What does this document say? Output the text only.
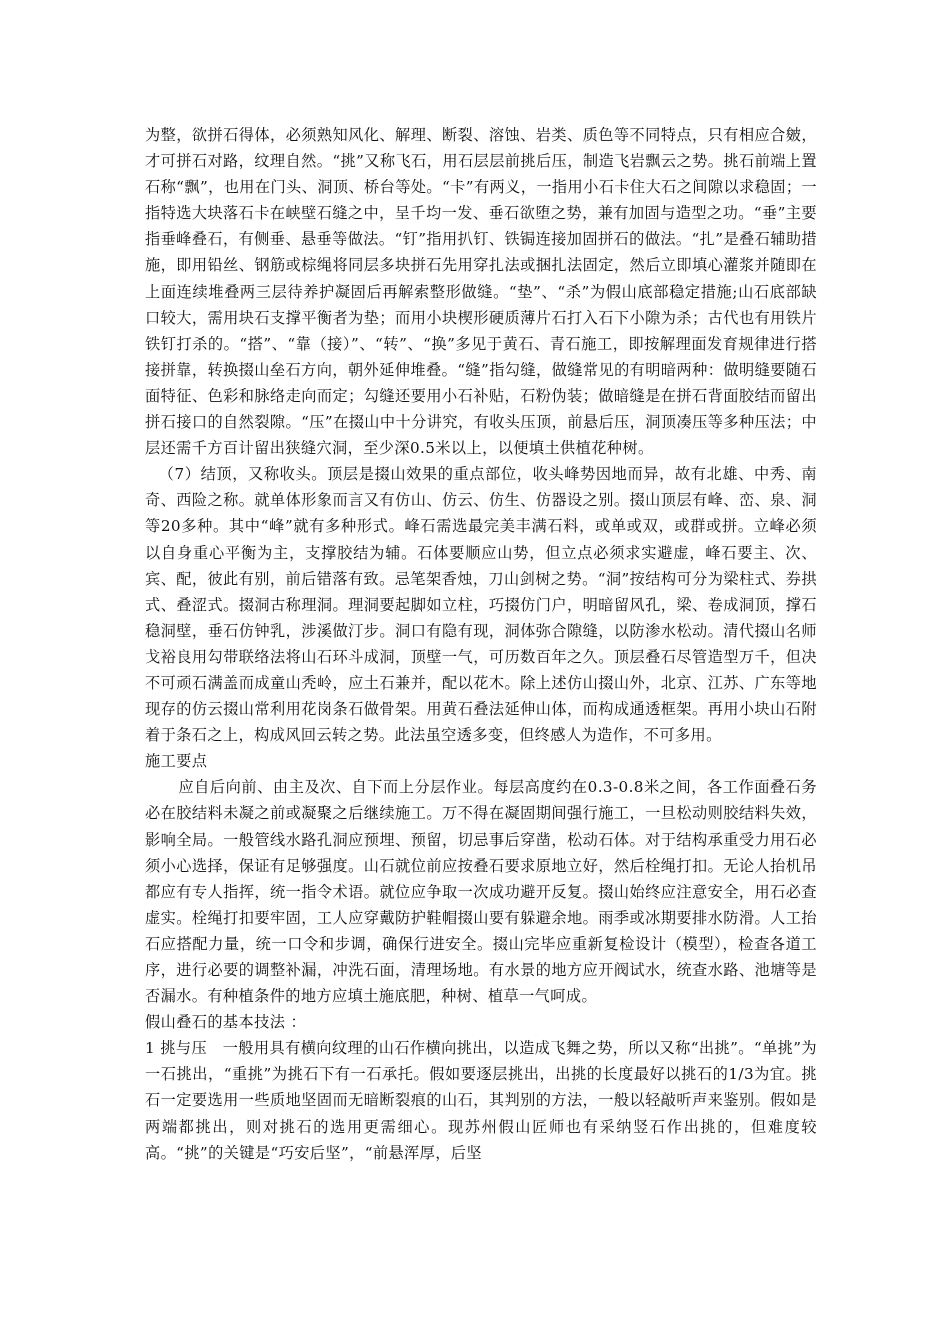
为整，欲拼石得体，必须熟知风化、解理、断裂、溶蚀、岩类、质色等不同特点，只有相应合皴，才可拼石对路，纹理自然。“挑”又称飞石，用石层层前挑后压，制造飞岩飘云之势。挑石前端上置石称“飘”，也用在门头、洞顶、桥台等处。“卡”有两义，一指用小石卡住大石之间隙以求稳固；一指特选大块落石卡在峡壁石缝之中，呈千均一发、垂石欲堕之势，兼有加固与造型之功。“垂”主要指垂峰叠石，有侧垂、悬垂等做法。“钉”指用扒钉、铁锔连接加固拼石的做法。“扎”是叠石辅助措施，即用铅丝、钢筋或棕绳将同层多块拼石先用穿扎法或捆扎法固定，然后立即填心灌浆并随即在上面连续堆叠两三层待养护凝固后再解索整形做缝。“垫”、“杀”为假山底部稳定措施;山石底部缺口较大，需用块石支撑平衡者为垫；而用小块楔形硬质薄片石打入石下小隙为杀；古代也有用铁片铁钉打杀的。“搭”、“靠（接）”、“转”、“换”多见于黄石、青石施工，即按解理面发育规律进行搭接拼靠，转换掇山垒石方向，朝外延伸堆叠。“缝”指勾缝，做缝常见的有明暗两种：做明缝要随石面特征、色彩和脉络走向而定；勾缝还要用小石补贴，石粉伪装；做暗缝是在拼石背面胶结而留出拼石接口的自然裂隙。“压”在掇山中十分讲究，有收头压顶，前悬后压，洞顶凑压等多种压法；中层还需千方百计留出狭缝穴洞，至少深0.5米以上，以便填土供植花种树。

（7）结顶，又称收头。顶层是掇山效果的重点部位，收头峰势因地而异，故有北雄、中秀、南奇、西险之称。就单体形象而言又有仿山、仿云、仿生、仿器设之别。掇山顶层有峰、峦、泉、洞等20多种。其中“峰”就有多种形式。峰石需选最完美丰满石料，或单或双，或群或拼。立峰必须以自身重心平衡为主，支撑胶结为辅。石体要顺应山势，但立点必须求实避虚，峰石要主、次、宾、配，彼此有别，前后错落有致。忌笔架香烛，刀山剑树之势。“洞”按结构可分为梁柱式、券拱式、叠涩式。掇洞古称理洞。理洞要起脚如立柱，巧掇仿门户，明暗留风孔，梁、卷成洞顶，撑石稳洞壁，垂石仿钟乳，涉溪做汀步。洞口有隐有现，洞体弥合隙缝，以防渗水松动。清代掇山名师戈裕良用勾带联络法将山石环斗成洞，顶壁一气，可历数百年之久。顶层叠石尽管造型万千，但决不可顽石满盖而成童山秃岭，应土石兼并，配以花木。除上述仿山掇山外，北京、江苏、广东等地现存的仿云掇山常利用花岗条石做骨架。用黄石叠法延伸山体，而构成通透框架。再用小块山石附着于条石之上，构成风回云转之势。此法虽空透多变，但终感人为造作，不可多用。

施工要点

应自后向前、由主及次、自下而上分层作业。每层高度约在0.3-0.8米之间，各工作面叠石务必在胶结料未凝之前或凝聚之后继续施工。万不得在凝固期间强行施工，一旦松动则胶结料失效，影响全局。一般管线水路孔洞应预埋、预留，切忌事后穿凿，松动石体。对于结构承重受力用石必须小心选择，保证有足够强度。山石就位前应按叠石要求原地立好，然后栓绳打扣。无论人抬机吊都应有专人指挥，统一指令术语。就位应争取一次成功避开反复。掇山始终应注意安全，用石必查虚实。栓绳打扣要牢固，工人应穿戴防护鞋帽掇山要有躲避余地。雨季或冰期要排水防滑。人工抬石应搭配力量，统一口令和步调，确保行进安全。掇山完毕应重新复检设计（模型），检查各道工序，进行必要的调整补漏，冲洗石面，清理场地。有水景的地方应开阀试水，统查水路、池塘等是否漏水。有种植条件的地方应填土施底肥，种树、植草一气呵成。

假山叠石的基本技法 ：

1 挑与压　一般用具有横向纹理的山石作横向挑出，以造成飞舞之势，所以又称“出挑”。“单挑”为一石挑出，“重挑”为挑石下有一石承托。假如要逐层挑出，出挑的长度最好以挑石的1/3为宜。挑石一定要选用一些质地坚固而无暗断裂痕的山石，其判别的方法，一般以轻敲听声来鉴别。假如是两端都挑出，则对挑石的选用更需细心。现苏州假山匠师也有采纳竖石作出挑的，但难度较高。“挑”的关键是“巧安后坚”，“前悬浑厚，后坚
